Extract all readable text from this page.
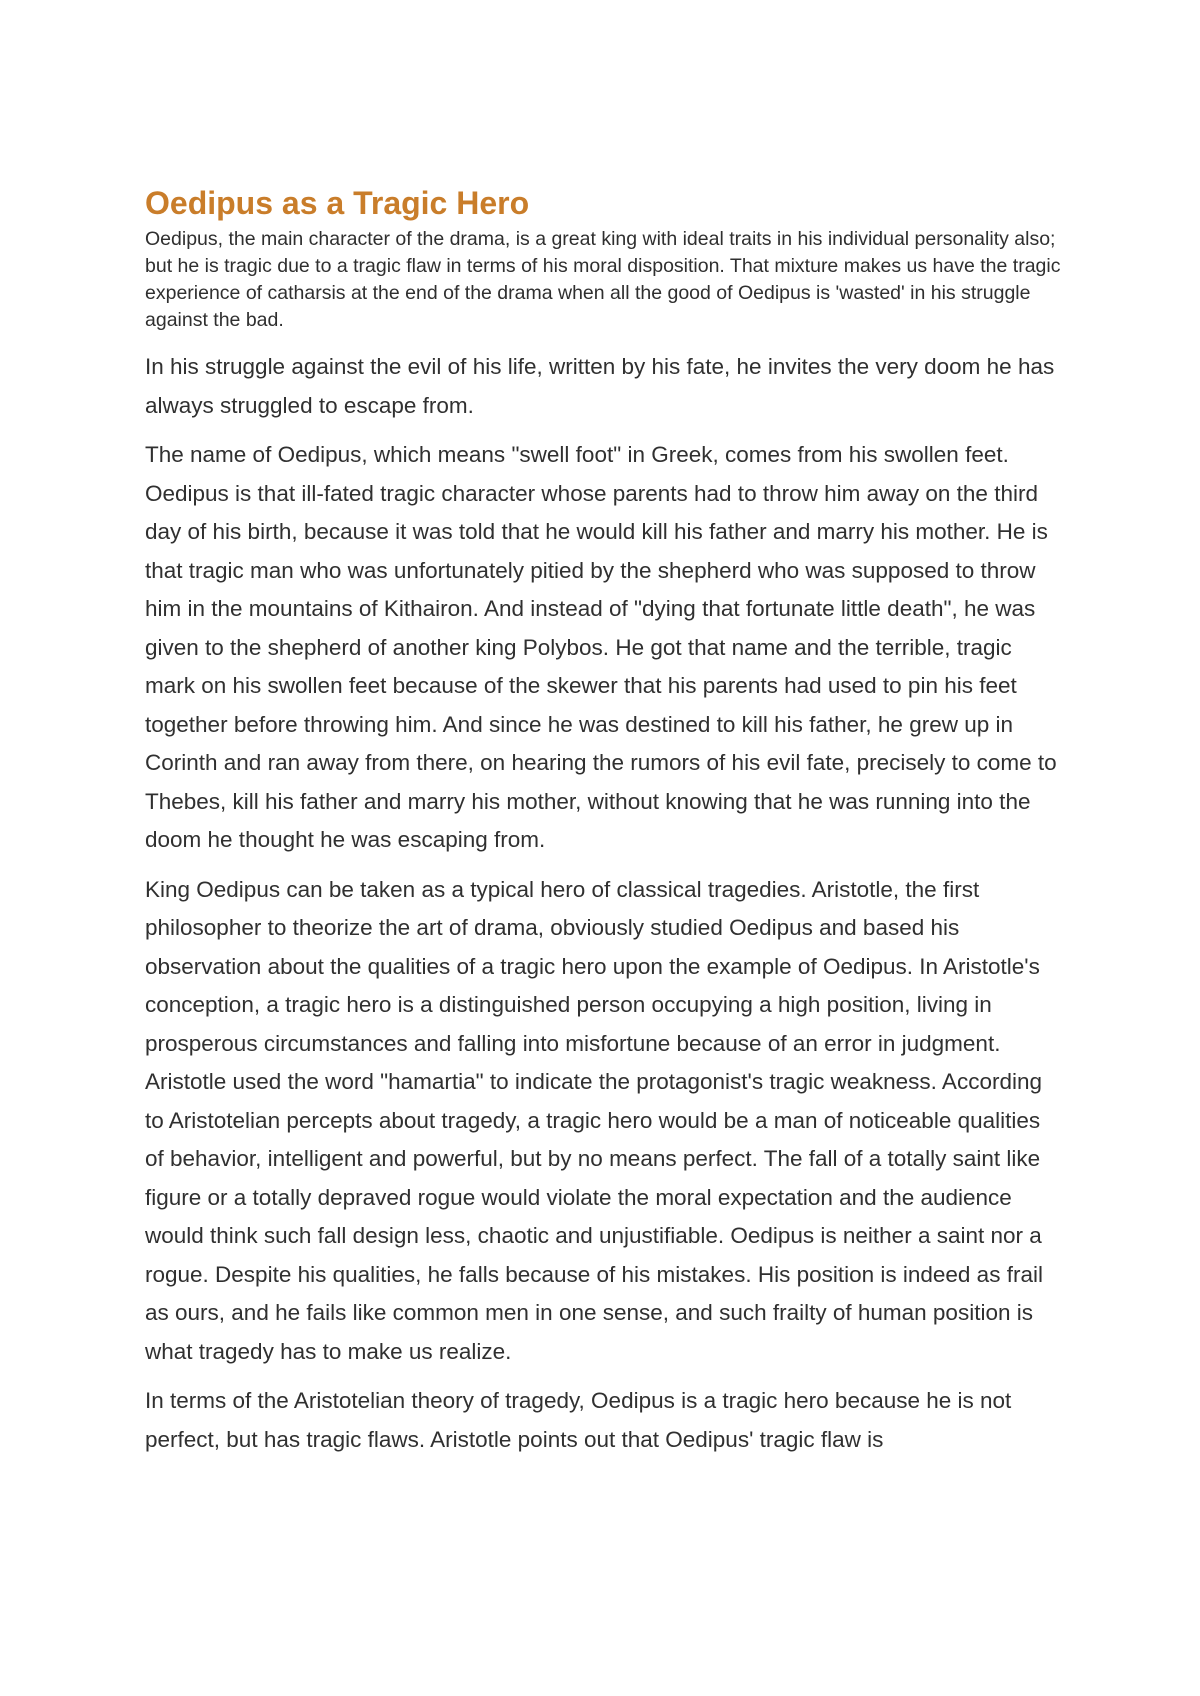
Oedipus as a Tragic Hero

Oedipus, the main character of the drama, is a great king with ideal traits in his individual personality also; but he is tragic due to a tragic flaw in terms of his moral disposition. That mixture makes us have the tragic experience of catharsis at the end of the drama when all the good of Oedipus is 'wasted' in his struggle against the bad.

In his struggle against the evil of his life, written by his fate, he invites the very doom he has always struggled to escape from.

The name of Oedipus, which means "swell foot" in Greek, comes from his swollen feet. Oedipus is that ill-fated tragic character whose parents had to throw him away on the third day of his birth, because it was told that he would kill his father and marry his mother. He is that tragic man who was unfortunately pitied by the shepherd who was supposed to throw him in the mountains of Kithairon. And instead of "dying that fortunate little death", he was given to the shepherd of another king Polybos. He got that name and the terrible, tragic mark on his swollen feet because of the skewer that his parents had used to pin his feet together before throwing him. And since he was destined to kill his father, he grew up in Corinth and ran away from there, on hearing the rumors of his evil fate, precisely to come to Thebes, kill his father and marry his mother, without knowing that he was running into the doom he thought he was escaping from.

King Oedipus can be taken as a typical hero of classical tragedies. Aristotle, the first philosopher to theorize the art of drama, obviously studied Oedipus and based his observation about the qualities of a tragic hero upon the example of Oedipus. In Aristotle's conception, a tragic hero is a distinguished person occupying a high position, living in prosperous circumstances and falling into misfortune because of an error in judgment. Aristotle used the word "hamartia" to indicate the protagonist's tragic weakness. According to Aristotelian percepts about tragedy, a tragic hero would be a man of noticeable qualities of behavior, intelligent and powerful, but by no means perfect. The fall of a totally saint like figure or a totally depraved rogue would violate the moral expectation and the audience would think such fall design less, chaotic and unjustifiable. Oedipus is neither a saint nor a rogue. Despite his qualities, he falls because of his mistakes. His position is indeed as frail as ours, and he fails like common men in one sense, and such frailty of human position is what tragedy has to make us realize.

In terms of the Aristotelian theory of tragedy, Oedipus is a tragic hero because he is not perfect, but has tragic flaws. Aristotle points out that Oedipus' tragic flaw is
